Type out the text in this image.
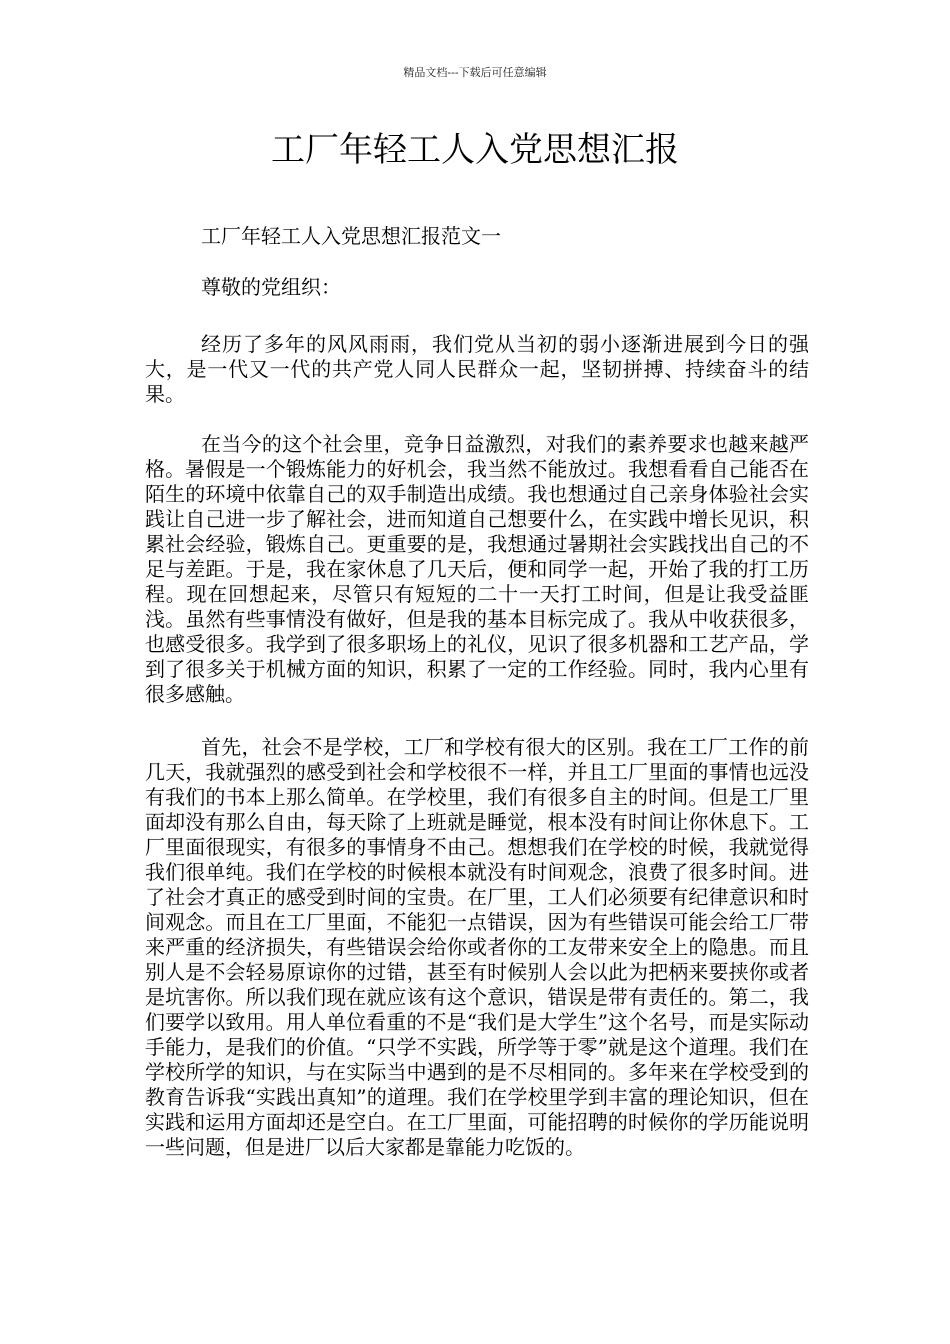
精品文档---下载后可任意编辑
工厂年轻工人入党思想汇报

工厂年轻工人入党思想汇报范文一

尊敬的党组织：

经历了多年的风风雨雨，我们党从当初的弱小逐渐进展到今日的强大，是一代又一代的共产党人同人民群众一起，坚韧拼搏、持续奋斗的结果。

在当今的这个社会里，竞争日益激烈，对我们的素养要求也越来越严格。暑假是一个锻炼能力的好机会，我当然不能放过。我想看看自己能否在陌生的环境中依靠自己的双手制造出成绩。我也想通过自己亲身体验社会实践让自己进一步了解社会，进而知道自己想要什么，在实践中增长见识，积累社会经验，锻炼自己。更重要的是，我想通过暑期社会实践找出自己的不足与差距。于是，我在家休息了几天后，便和同学一起，开始了我的打工历程。现在回想起来，尽管只有短短的二十一天打工时间，但是让我受益匪浅。虽然有些事情没有做好，但是我的基本目标完成了。我从中收获很多，也感受很多。我学到了很多职场上的礼仪，见识了很多机器和工艺产品，学到了很多关于机械方面的知识，积累了一定的工作经验。同时，我内心里有很多感触。

首先，社会不是学校，工厂和学校有很大的区别。我在工厂工作的前几天，我就强烈的感受到社会和学校很不一样，并且工厂里面的事情也远没有我们的书本上那么简单。在学校里，我们有很多自主的时间。但是工厂里面却没有那么自由，每天除了上班就是睡觉，根本没有时间让你休息下。工厂里面很现实，有很多的事情身不由己。想想我们在学校的时候，我就觉得我们很单纯。我们在学校的时候根本就没有时间观念，浪费了很多时间。进了社会才真正的感受到时间的宝贵。在厂里，工人们必须要有纪律意识和时间观念。而且在工厂里面，不能犯一点错误，因为有些错误可能会给工厂带来严重的经济损失，有些错误会给你或者你的工友带来安全上的隐患。而且别人是不会轻易原谅你的过错，甚至有时候别人会以此为把柄来要挟你或者是坑害你。所以我们现在就应该有这个意识，错误是带有责任的。第二，我们要学以致用。用人单位看重的不是“我们是大学生”这个名号，而是实际动手能力，是我们的价值。“只学不实践，所学等于零”就是这个道理。我们在学校所学的知识，与在实际当中遇到的是不尽相同的。多年来在学校受到的教育告诉我“实践出真知”的道理。我们在学校里学到丰富的理论知识，但在实践和运用方面却还是空白。在工厂里面，可能招聘的时候你的学历能说明一些问题，但是进厂以后大家都是靠能力吃饭的。
